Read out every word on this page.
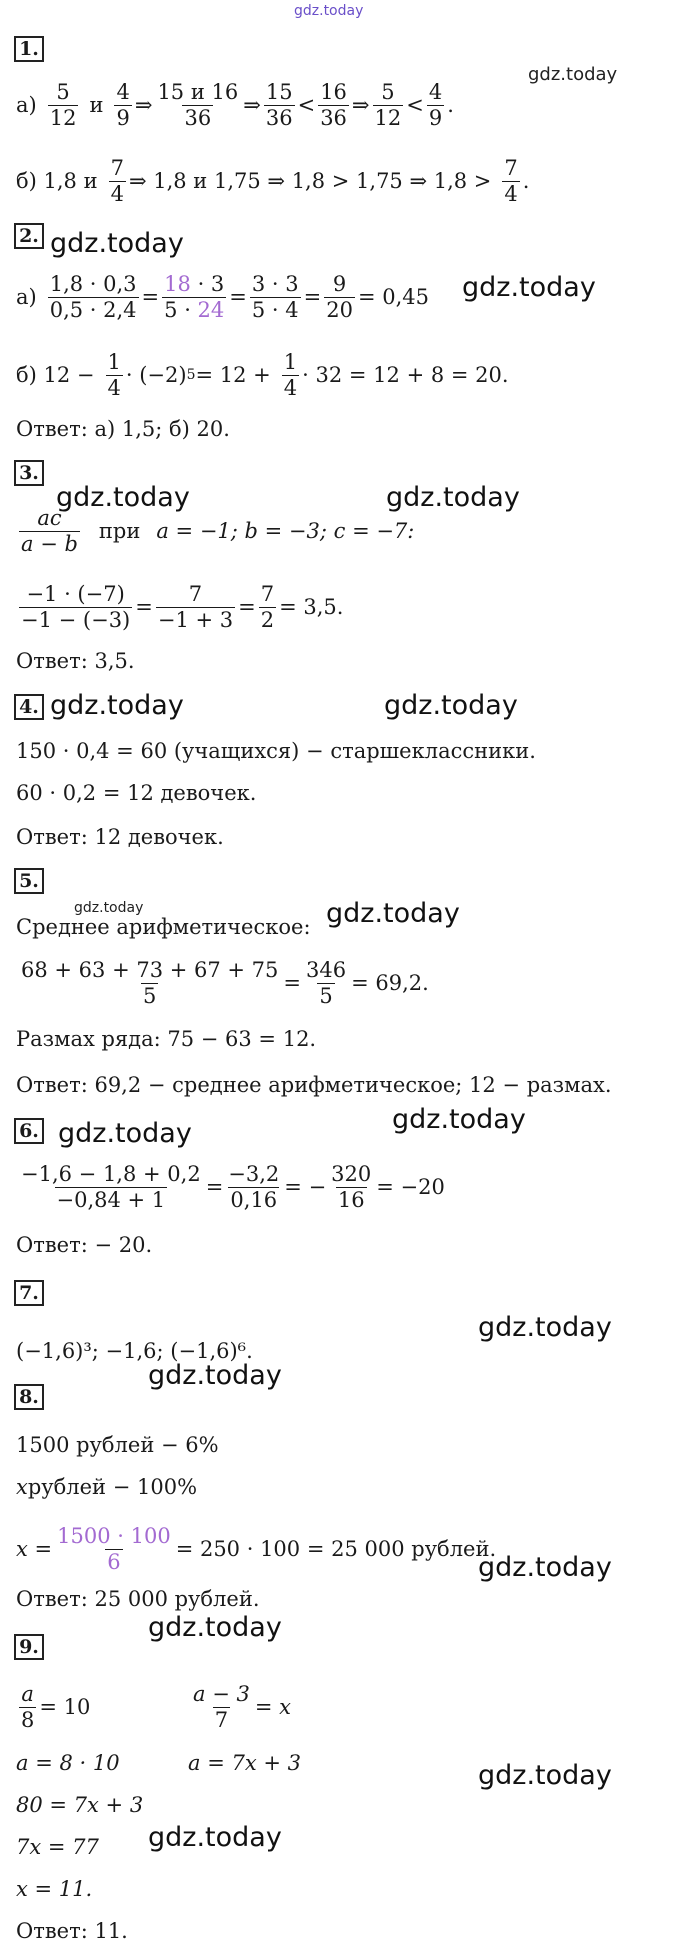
gdz.today
1.
$а) \frac{5}{12}$ и $\frac{4}{9}$ ⇒ $\frac{15 и 16}{36}$ ⇒ $\frac{15}{36} < \frac{16}{36}$ ⇒ $\frac{5}{12} < \frac{4}{9}$ .
gdz.today
б) 1,8 и $\frac{7}{4}$ ⇒ 1,8 и 1,75 ⇒ 1,8 > 1,75 ⇒ $1,8 > \frac{7}{4}$ .
2. gdz.today
$а) \frac{1,8 \cdot 0,3}{0,5 \cdot 2,4} = \frac{18 \cdot 3}{5 \cdot 24} = \frac{3 \cdot 3}{5 \cdot 4} = \frac{9}{20} = 0,45$ gdz.today
б) $12 - \frac{1}{4} \cdot (-2) 5 = 12 + \frac{1}{4} \cdot 32 = 12 + 8 = 20$.
Ответ: а) 1,5; б) 20.
3.
$\frac{ac}{a - b}$ при a = −1; b = −3; c = −7:
gdz.today	gdz.today
$\frac{-1 \cdot (-7)}{-1 - (-3)} = \frac{7}{-1 + 3} = \frac{7}{2} = 3,5$.
Ответ: 3,5.
4. gdz.today	gdz.today
150 · 0,4 = 60 (учащихся) − старшеклассники.
60 · 0,2 = 12 девочек.
Ответ: 12 девочек.
5.
gdz.today
Среднее арифметическое: gdz.today
$\frac{68 + 63 + 73 + 67 + 75}{5} = \frac{346}{5} = 69,2$.
Размах ряда: 75 − 63 = 12.
Ответ: 69,2 − среднее арифметическое; 12 − размах.
6. gdz.today	gdz.today
$\frac{-1,6 - 1,8 + 0,2}{-0,84 + 1} = \frac{-3,2}{0,16}$ = − $\frac{320}{16} = -20$
Ответ: − 20.
7.
gdz.today
(−1,6)³; −1,6; (−1,6)⁶.
8.
gdz.today
1500 рублей − 6%
x рублей − 100%
$x = \frac{1500 \cdot 100}{6} = 250 \cdot 100 = 25$ 000 рублей.
gdz.today
Ответ: 25 000 рублей.
9.
gdz.today
$\frac{a}{8} = 10$	$\frac{a - 3}{7} = x$
a = 8 · 10	a = 7x + 3	gdz.today
80 = 7x + 3
7x = 77 gdz.today
x = 11.
Ответ: 11.
